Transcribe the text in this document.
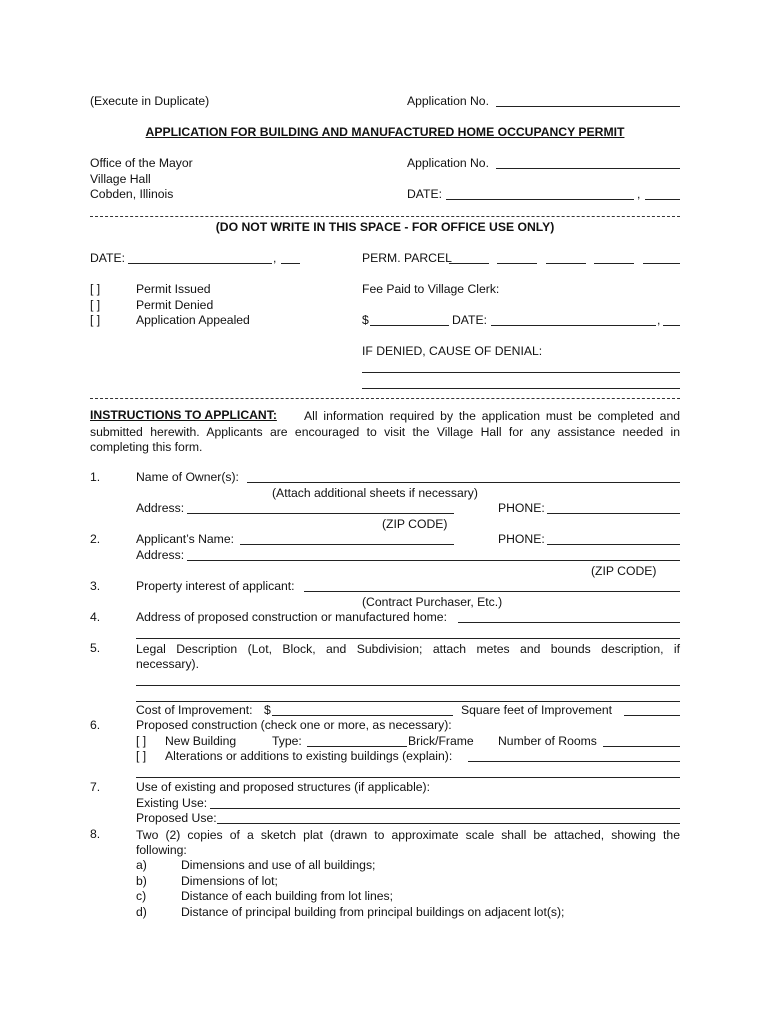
(Execute in Duplicate)	Application No.
APPLICATION FOR BUILDING AND MANUFACTURED HOME OCCUPANCY PERMIT
Office of the Mayor
Village Hall
Cobden, Illinois
Application No.
DATE:	,
(DO NOT WRITE IN THIS SPACE - FOR OFFICE USE ONLY)
DATE:	,	PERM. PARCEL
[ ]	Permit Issued
[ ]	Permit Denied
[ ]	Application Appealed
Fee Paid to Village Clerk:
$	DATE:	,
IF DENIED, CAUSE OF DENIAL:
INSTRUCTIONS TO APPLICANT: All information required by the application must be completed and
submitted herewith. Applicants are encouraged to visit the Village Hall for any assistance needed in
completing this form.
1.	Name of Owner(s):
(Attach additional sheets if necessary)
Address:	PHONE:
(ZIP CODE)
2.	Applicant’s Name:	PHONE:
Address:
(ZIP CODE)
3.	Property interest of applicant:
(Contract Purchaser, Etc.)
4.	Address of proposed construction or manufactured home:
5.	Legal Description (Lot, Block, and Subdivision; attach metes and bounds description, if
necessary).
Cost of Improvement: $	Square feet of Improvement
6.	Proposed construction (check one or more, as necessary):
[ ] New Building	Type:	Brick/Frame Number of Rooms
[ ] Alterations or additions to existing buildings (explain):
7.	Use of existing and proposed structures (if applicable):
Existing Use:
Proposed Use:
8.	Two (2) copies of a sketch plat (drawn to approximate scale shall be attached, showing the
following:
a)	Dimensions and use of all buildings;
b)	Dimensions of lot;
c)	Distance of each building from lot lines;
d)	Distance of principal building from principal buildings on adjacent lot(s);
